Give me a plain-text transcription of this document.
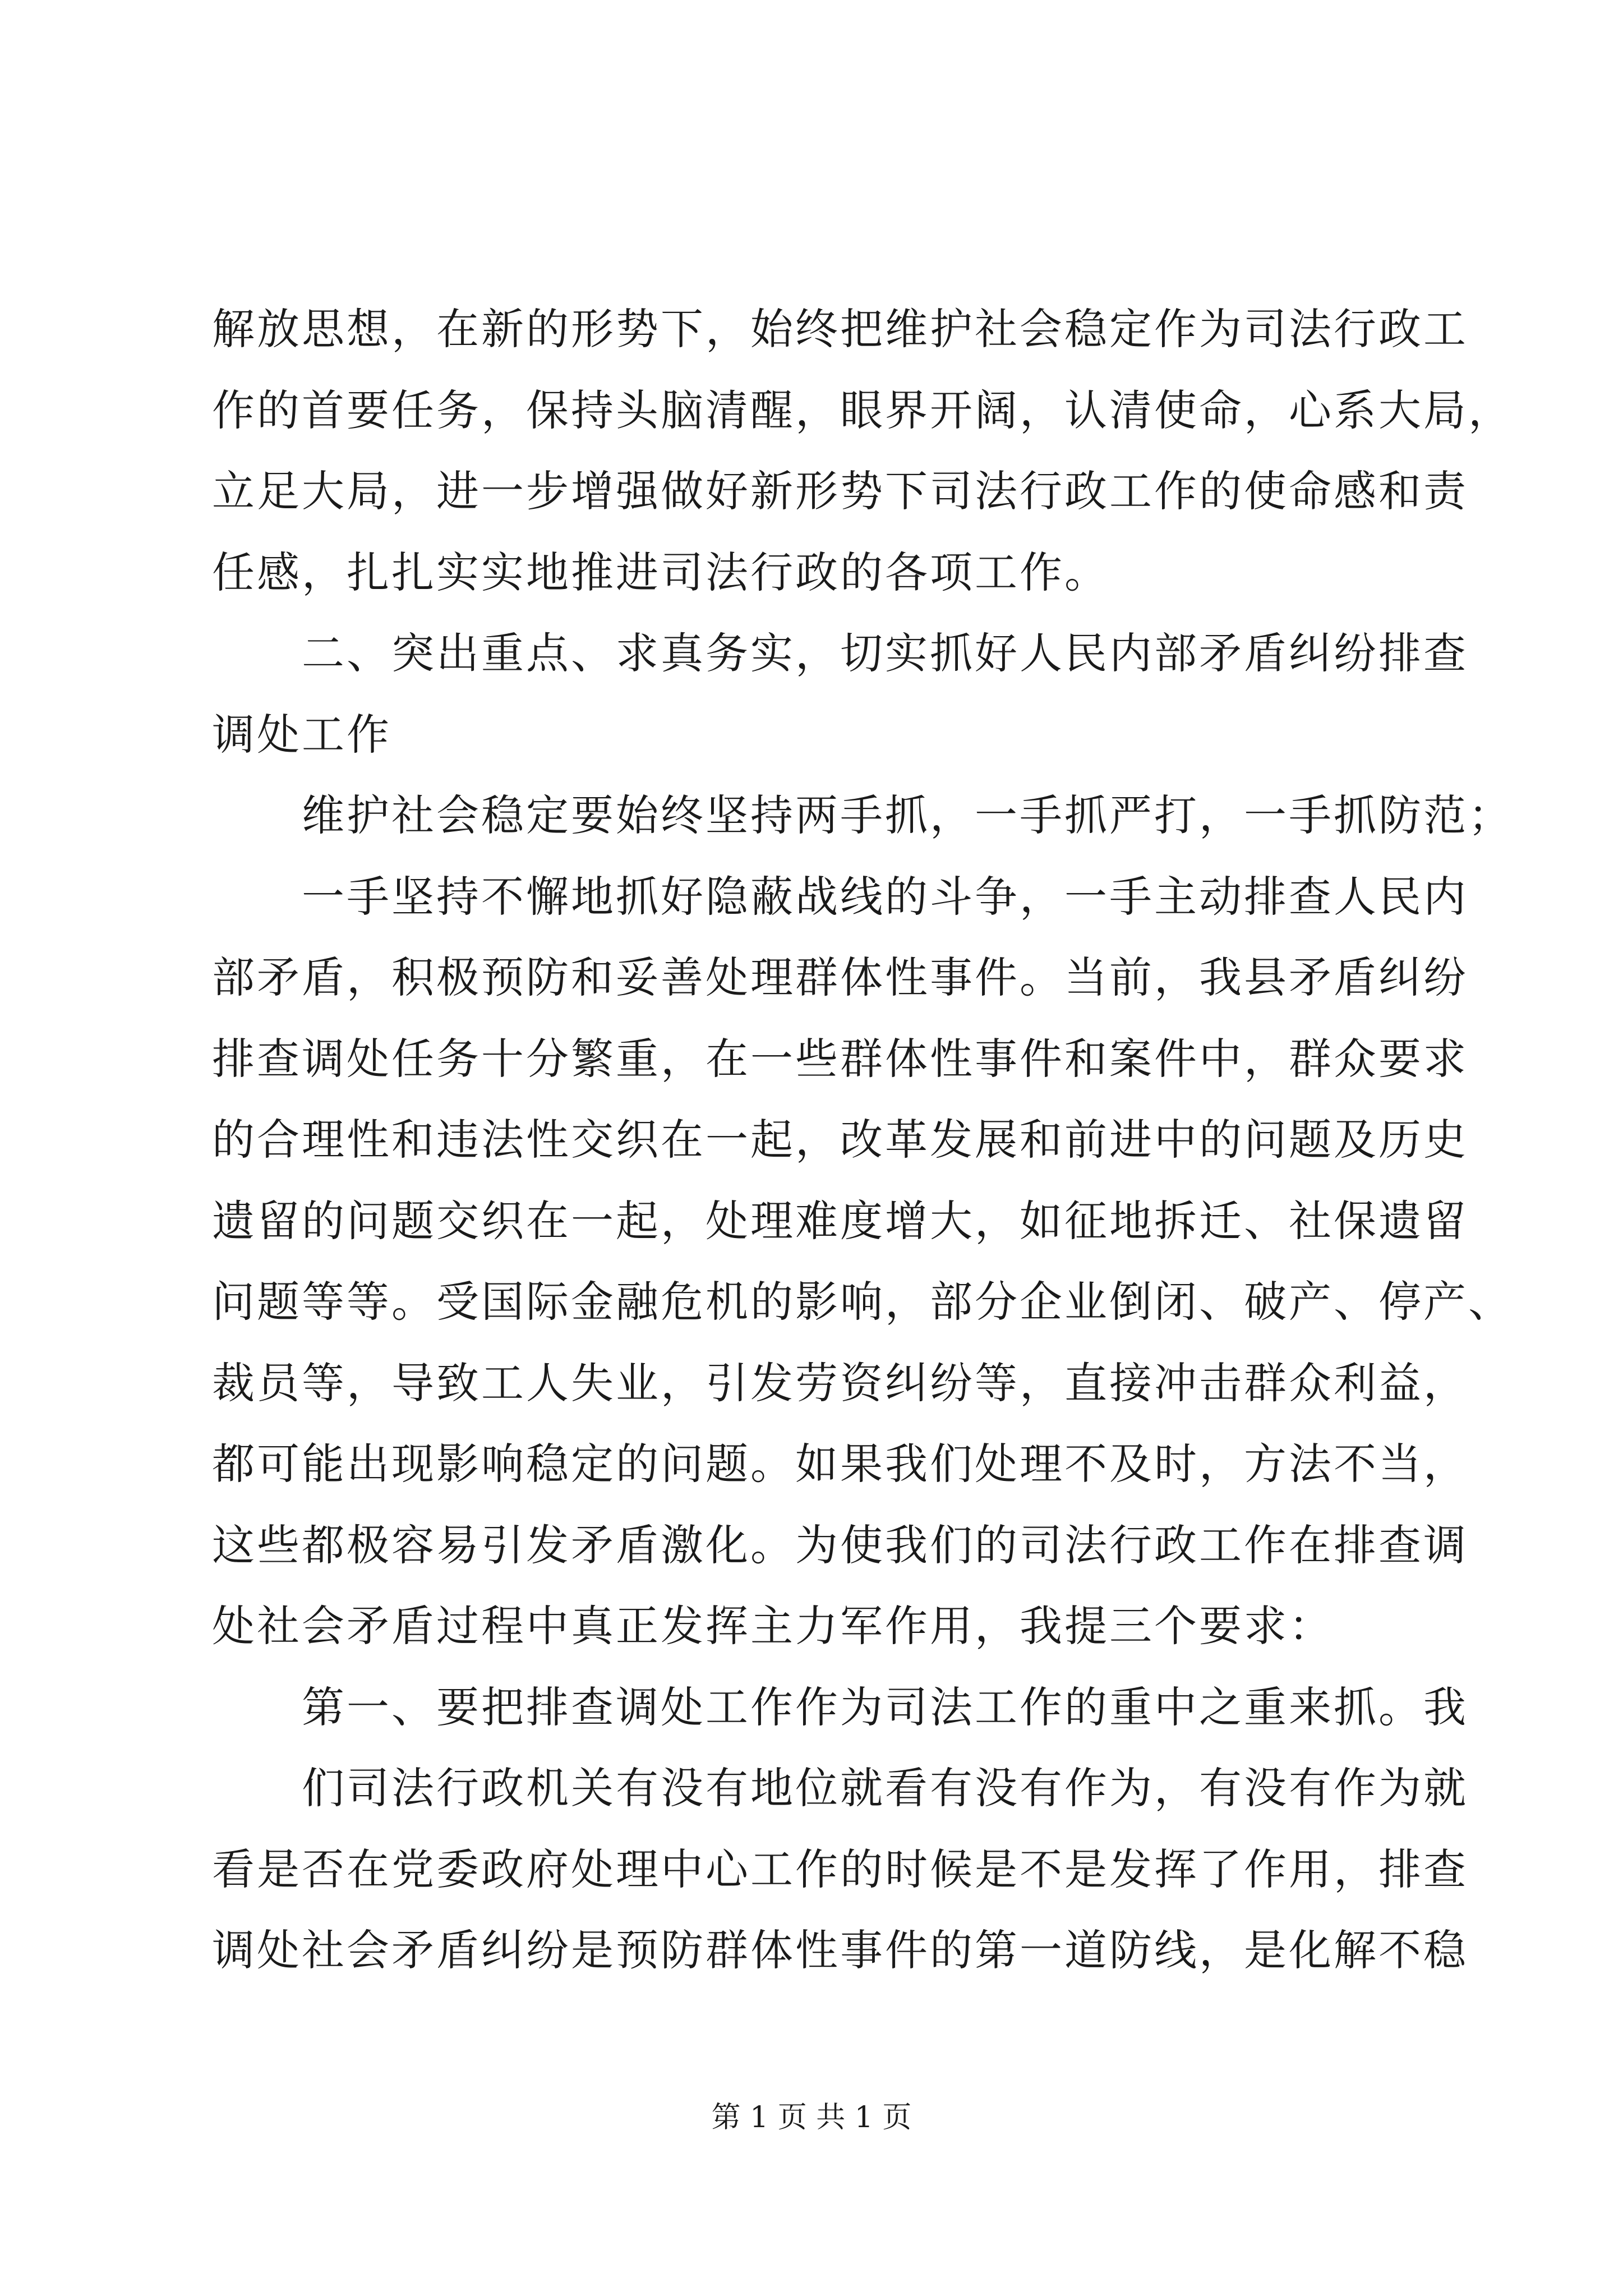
解放思想，在新的形势下，始终把维护社会稳定作为司法行政工
作的首要任务，保持头脑清醒，眼界开阔，认清使命，心系大局，
立足大局，进一步增强做好新形势下司法行政工作的使命感和责
任感，扎扎实实地推进司法行政的各项工作。
二、突出重点、求真务实，切实抓好人民内部矛盾纠纷排查
调处工作
维护社会稳定要始终坚持两手抓，一手抓严打，一手抓防范；
一手坚持不懈地抓好隐蔽战线的斗争，一手主动排查人民内
部矛盾，积极预防和妥善处理群体性事件。当前，我县矛盾纠纷
排查调处任务十分繁重，在一些群体性事件和案件中，群众要求
的合理性和违法性交织在一起，改革发展和前进中的问题及历史
遗留的问题交织在一起，处理难度增大，如征地拆迁、社保遗留
问题等等。受国际金融危机的影响，部分企业倒闭、破产、停产、
裁员等，导致工人失业，引发劳资纠纷等，直接冲击群众利益，
都可能出现影响稳定的问题。如果我们处理不及时，方法不当，
这些都极容易引发矛盾激化。为使我们的司法行政工作在排查调
处社会矛盾过程中真正发挥主力军作用，我提三个要求：
第一、要把排查调处工作作为司法工作的重中之重来抓。我
们司法行政机关有没有地位就看有没有作为，有没有作为就
看是否在党委政府处理中心工作的时候是不是发挥了作用，排查
调处社会矛盾纠纷是预防群体性事件的第一道防线，是化解不稳
第 1 页 共 1 页
